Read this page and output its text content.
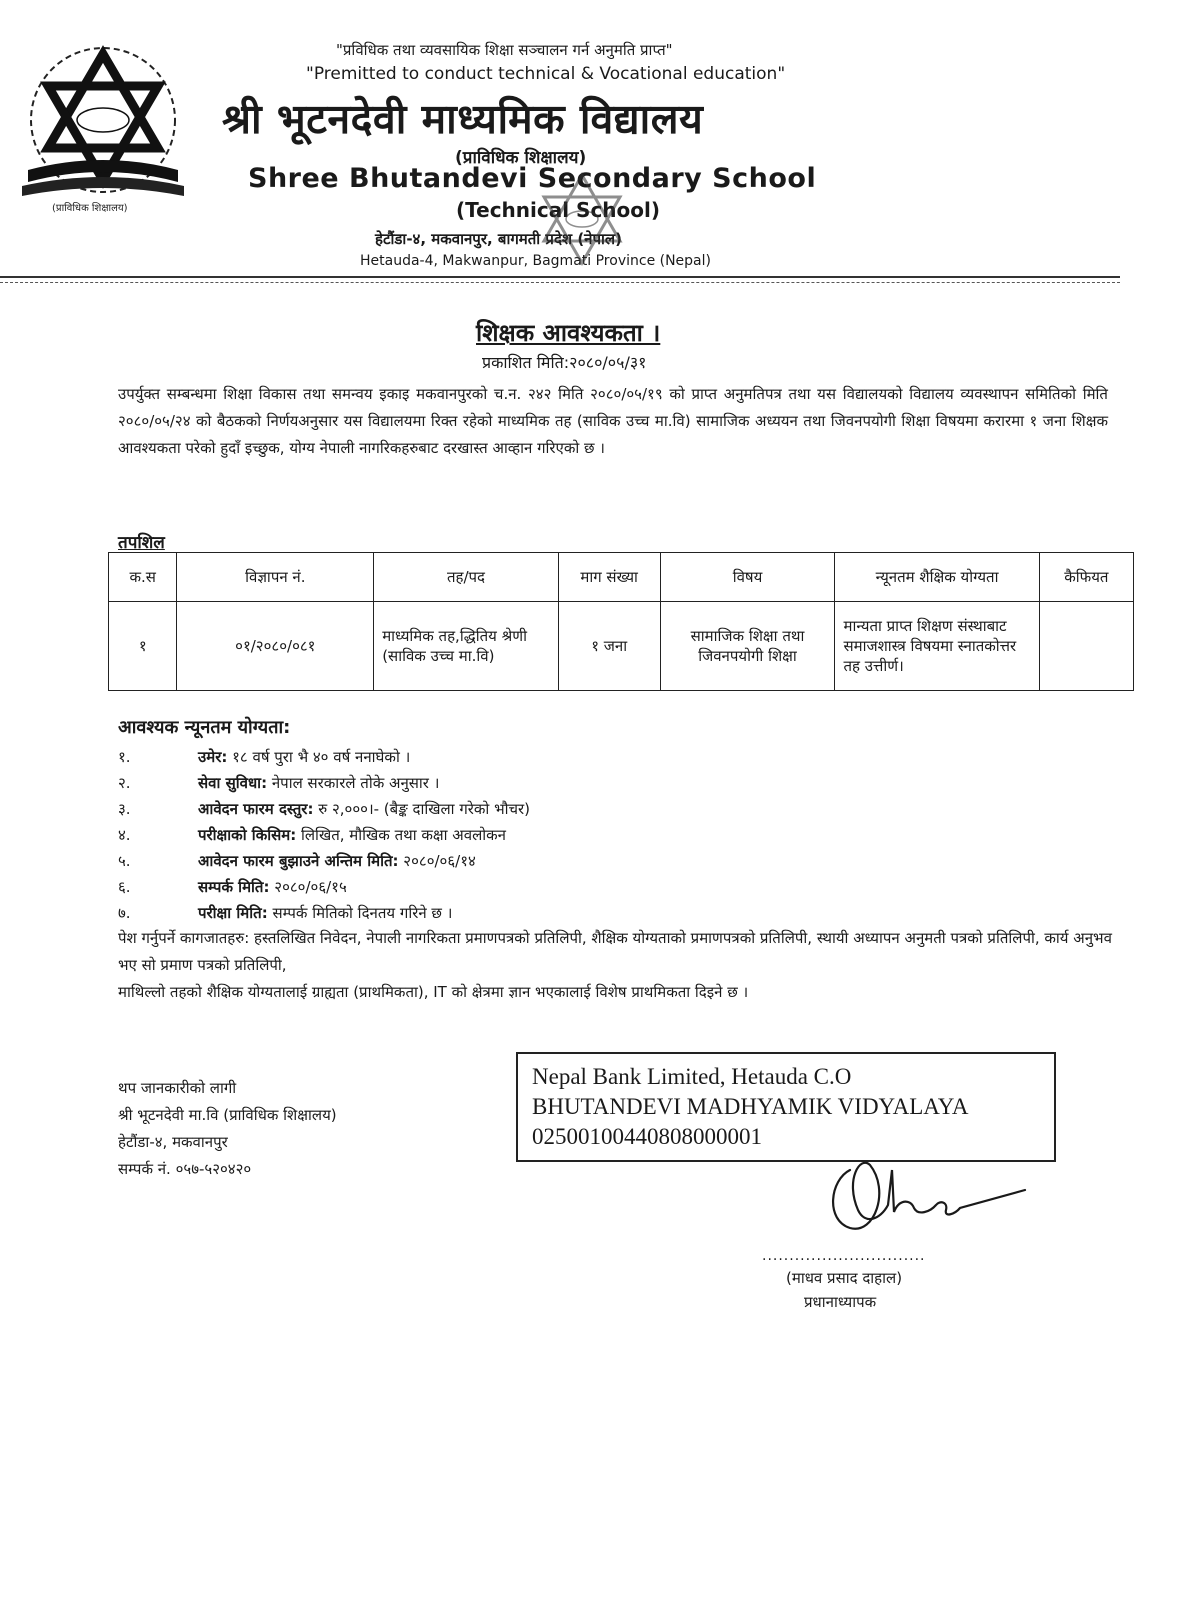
(प्राविधिक शिक्षालय)
"प्रविधिक तथा व्यवसायिक शिक्षा सञ्चालन गर्न अनुमति प्राप्त"
"Premitted to conduct technical & Vocational education"
श्री भूटनदेवी माध्यमिक विद्यालय
(प्राविधिक शिक्षालय)
Shree Bhutandevi Secondary School
(Technical School)
हेटौंडा-४, मकवानपुर, बागमती प्रदेश (नेपाल)
Hetauda-4, Makwanpur, Bagmati Province (Nepal)
शिक्षक आवश्यकता ।
प्रकाशित मिति:२०८०/०५/३१
उपर्युक्त सम्बन्धमा शिक्षा विकास तथा समन्वय इकाइ मकवानपुरको च.न. २४२ मिति २०८०/०५/१९ को प्राप्त अनुमतिपत्र तथा यस विद्यालयको विद्यालय व्यवस्थापन समितिको मिति २०८०/०५/२४ को बैठकको निर्णयअनुसार यस विद्यालयमा रिक्त रहेको माध्यमिक तह (साविक उच्च मा.वि) सामाजिक अध्ययन तथा जिवनपयोगी शिक्षा विषयमा करारमा १ जना शिक्षक आवश्यकता परेको हुदाँ इच्छुक, योग्य नेपाली नागरिकहरुबाट दरखास्त आव्हान गरिएको छ ।
तपशिल
क.स	विज्ञापन नं.	तह/पद	माग संख्या	विषय	न्यूनतम शैक्षिक योग्यता	कैफियत
१	०१/२०८०/०८१	माध्यमिक तह,द्धितिय श्रेणी (साविक उच्च मा.वि)	१ जना	सामाजिक शिक्षा तथा जिवनपयोगी शिक्षा	मान्यता प्राप्त शिक्षण संस्थाबाट समाजशास्त्र विषयमा स्नातकोत्तर तह उत्तीर्ण।	
आवश्यक न्यूनतम योग्यता:
१.	उमेर: १८ वर्ष पुरा भै ४० वर्ष ननाघेको ।
२.	सेवा सुविधा: नेपाल सरकारले तोके अनुसार ।
३.	आवेदन फारम दस्तुर: रु २,०००।- (बैङ्क दाखिला गरेको भौचर)
४.	परीक्षाको किसिम: लिखित, मौखिक तथा कक्षा अवलोकन
५.	आवेदन फारम बुझाउने अन्तिम मिति: २०८०/०६/१४
६.	सम्पर्क मिति: २०८०/०६/१५
७.	परीक्षा मिति: सम्पर्क मितिको दिनतय गरिने छ ।
पेश गर्नुपर्ने कागजातहरु: हस्तलिखित निवेदन, नेपाली नागरिकता प्रमाणपत्रको प्रतिलिपी, शैक्षिक योग्यताको प्रमाणपत्रको प्रतिलिपी, स्थायी अध्यापन अनुमती पत्रको प्रतिलिपी, कार्य अनुभव भए सो प्रमाण पत्रको प्रतिलिपी,
माथिल्लो तहको शैक्षिक योग्यतालाई ग्राह्यता (प्राथमिकता), IT को क्षेत्रमा ज्ञान भएकालाई विशेष प्राथमिकता दिइने छ ।
थप जानकारीको लागी
श्री भूटनदेवी मा.वि (प्राविधिक शिक्षालय)
हेटौंडा-४, मकवानपुर
सम्पर्क नं. ०५७-५२०४२०
Nepal Bank Limited, Hetauda C.O
BHUTANDEVI MADHYAMIK VIDYALAYA
02500100440808000001
..............................
(माधव प्रसाद दाहाल)
प्रधानाध्यापक
